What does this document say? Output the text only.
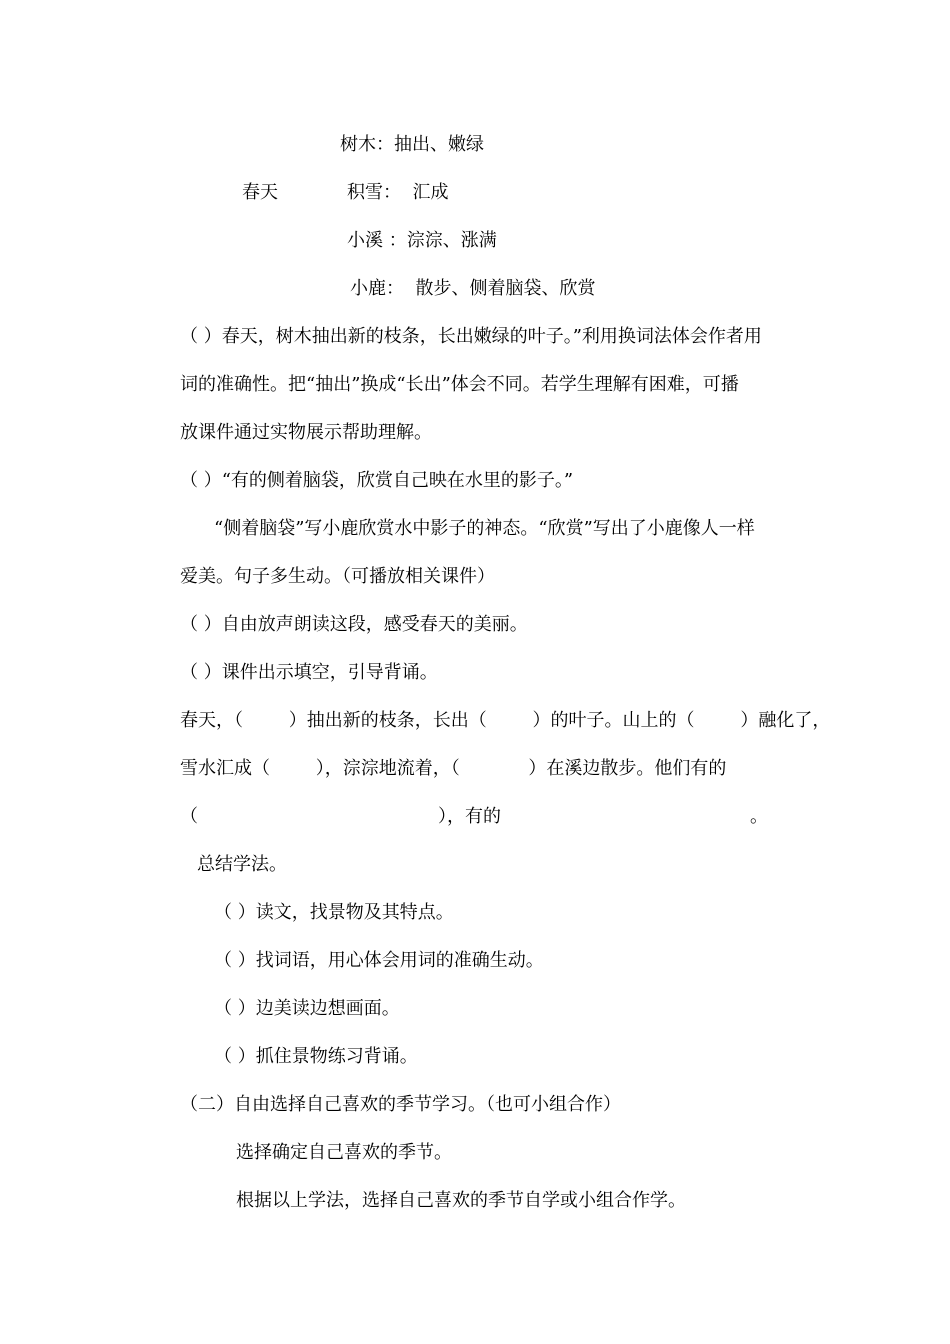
树木：抽出、嫩绿

春天	积雪：  汇成

小溪 ：淙淙、涨满

小鹿：  散步、侧着脑袋、欣赏

（ ）春天，树木抽出新的枝条，长出嫩绿的叶子。”利用换词法体会作者用

词的准确性。把“抽出”换成“长出”体会不同。若学生理解有困难，可播

放课件通过实物展示帮助理解。

（ ）“有的侧着脑袋，欣赏自己映在水里的影子。”

“侧着脑袋”写小鹿欣赏水中影子的神态。“欣赏”写出了小鹿像人一样

爱美。句子多生动。（可播放相关课件）

（ ）自由放声朗读这段，感受春天的美丽。

（ ）课件出示填空，引导背诵。

春天，（        ）抽出新的枝条，长出（        ）的叶子。山上的（        ）融化了，

雪水汇成（        ），淙淙地流着，（            ）在溪边散步。他们有的

（	），有的	。

总结学法。

（ ）读文，找景物及其特点。

（ ）找词语，用心体会用词的准确生动。

（ ）边美读边想画面。

（ ）抓住景物练习背诵。

（二）自由选择自己喜欢的季节学习。（也可小组合作）

选择确定自己喜欢的季节。

根据以上学法，选择自己喜欢的季节自学或小组合作学。
